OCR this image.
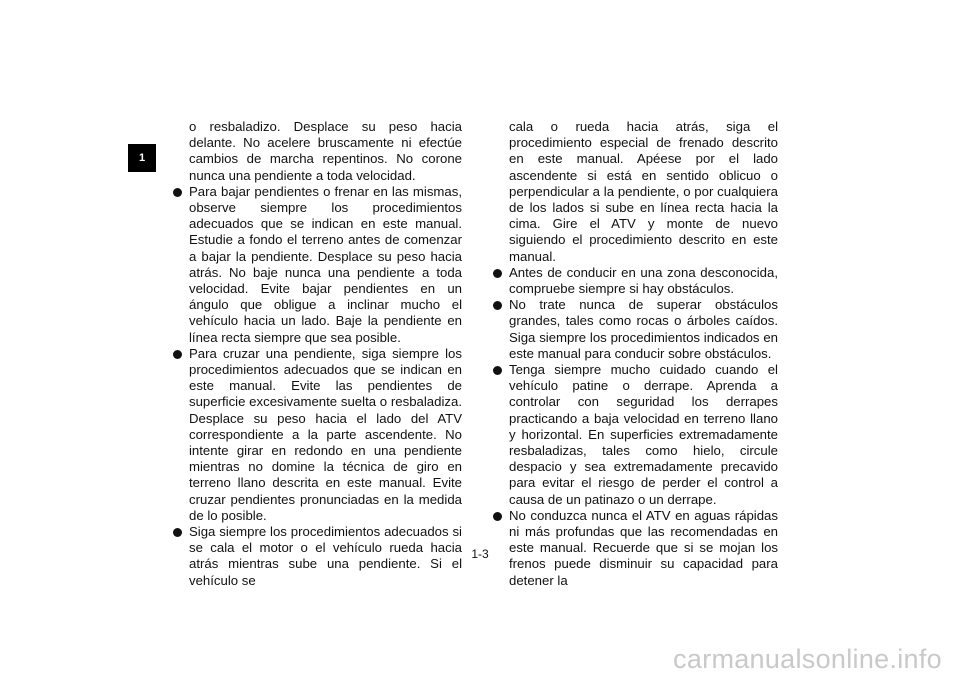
1

o resbaladizo. Desplace su peso hacia delante. No acelere bruscamente ni efectúe cambios de marcha repentinos. No corone nunca una pendiente a toda velocidad.

Para bajar pendientes o frenar en las mismas, observe siempre los procedimientos adecuados que se indican en este manual. Estudie a fondo el terreno antes de comenzar a bajar la pendiente. Desplace su peso hacia atrás. No baje nunca una pendiente a toda velocidad. Evite bajar pendientes en un ángulo que obligue a inclinar mucho el vehículo hacia un lado. Baje la pendiente en línea recta siempre que sea posible.
Para cruzar una pendiente, siga siempre los procedimientos adecuados que se indican en este manual. Evite las pendientes de superficie excesivamente suelta o resbaladiza. Desplace su peso hacia el lado del ATV correspondiente a la parte ascendente. No intente girar en redondo en una pendiente mientras no domine la técnica de giro en terreno llano descrita en este manual. Evite cruzar pendientes pronunciadas en la medida de lo posible.
Siga siempre los procedimientos adecuados si se cala el motor o el vehículo rueda hacia atrás mientras sube una pendiente. Si el vehículo se

cala o rueda hacia atrás, siga el procedimiento especial de frenado descrito en este manual. Apéese por el lado ascendente si está en sentido oblicuo o perpendicular a la pendiente, o por cualquiera de los lados si sube en línea recta hacia la cima. Gire el ATV y monte de nuevo siguiendo el procedimiento descrito en este manual.

Antes de conducir en una zona desconocida, compruebe siempre si hay obstáculos.
No trate nunca de superar obstáculos grandes, tales como rocas o árboles caídos. Siga siempre los procedimientos indicados en este manual para conducir sobre obstáculos.
Tenga siempre mucho cuidado cuando el vehículo patine o derrape. Aprenda a controlar con seguridad los derrapes practicando a baja velocidad en terreno llano y horizontal. En superficies extremadamente resbaladizas, tales como hielo, circule despacio y sea extremadamente precavido para evitar el riesgo de perder el control a causa de un patinazo o un derrape.
No conduzca nunca el ATV en aguas rápidas ni más profundas que las recomendadas en este manual. Recuerde que si se mojan los frenos puede disminuir su capacidad para detener la
1-3
carmanualsonline.info
